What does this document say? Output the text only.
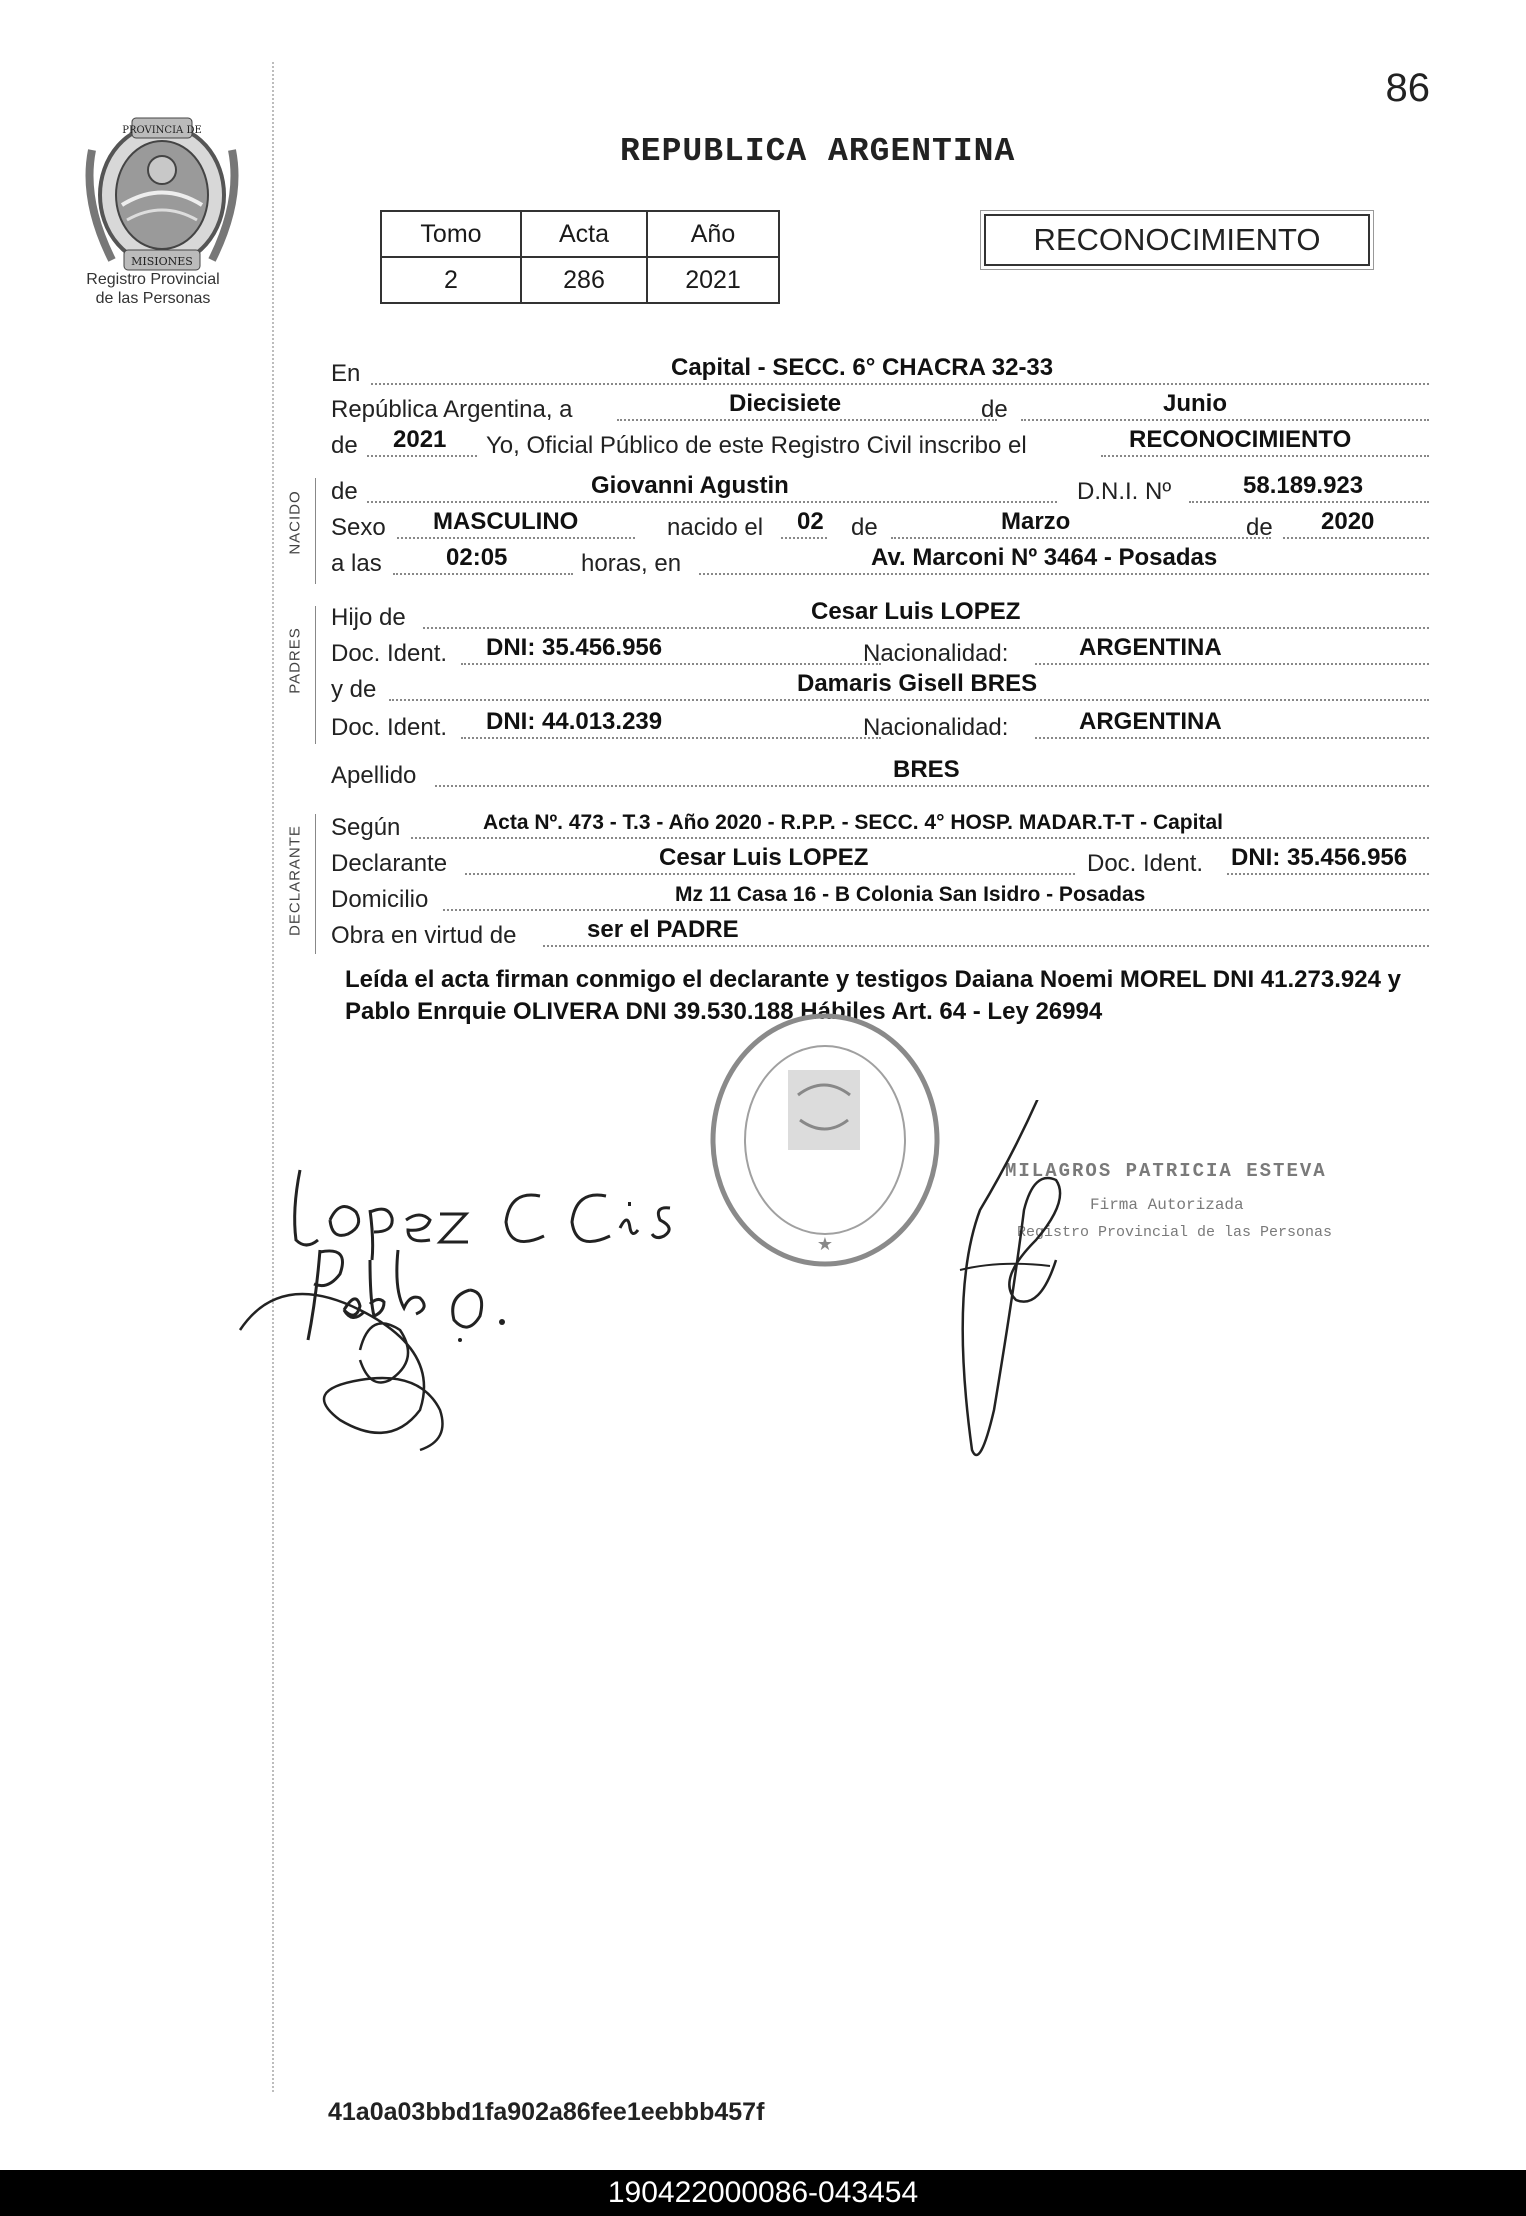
86
PROVINCIA DE
MISIONES
Registro Provincial
de las Personas
REPUBLICA ARGENTINA
Tomo	Acta	Año
2	286	2021
RECONOCIMIENTO
En	Capital - SECC. 6° CHACRA 32-33
República Argentina, a	Diecisiete	de	Junio
de 2021 Yo, Oficial Público de este Registro Civil inscribo el	RECONOCIMIENTO
de	Giovanni Agustin	D.N.I. Nº	58.189.923
Sexo MASCULINO	nacido el 02 de	Marzo	de 2020
a las	02:05	horas, en	Av. Marconi Nº 3464 - Posadas
Hijo de	Cesar Luis LOPEZ
Doc. Ident. DNI: 35.456.956	Nacionalidad:	ARGENTINA
y de	Damaris Gisell BRES
Doc. Ident. DNI: 44.013.239	Nacionalidad:	ARGENTINA
Apellido	BRES
Según	Acta Nº. 473 - T.3 - Año 2020 - R.P.P. - SECC. 4° HOSP. MADAR.T-T - Capital
Declarante	Cesar Luis LOPEZ	Doc. Ident. DNI: 35.456.956
Domicilio	Mz 11 Casa 16 - B Colonia San Isidro - Posadas
Obra en virtud de	ser el PADRE
NACIDO
PADRES
DECLARANTE
Leída el acta firman conmigo el declarante y testigos Daiana Noemi MOREL DNI 41.273.924 y Pablo Enrquie OLIVERA DNI 39.530.188 Hábiles Art. 64 - Ley 26994
★
MILAGROS PATRICIA ESTEVA
Firma Autorizada
Registro Provincial de las Personas
41a0a03bbd1fa902a86fee1eebbb457f
190422000086-043454
